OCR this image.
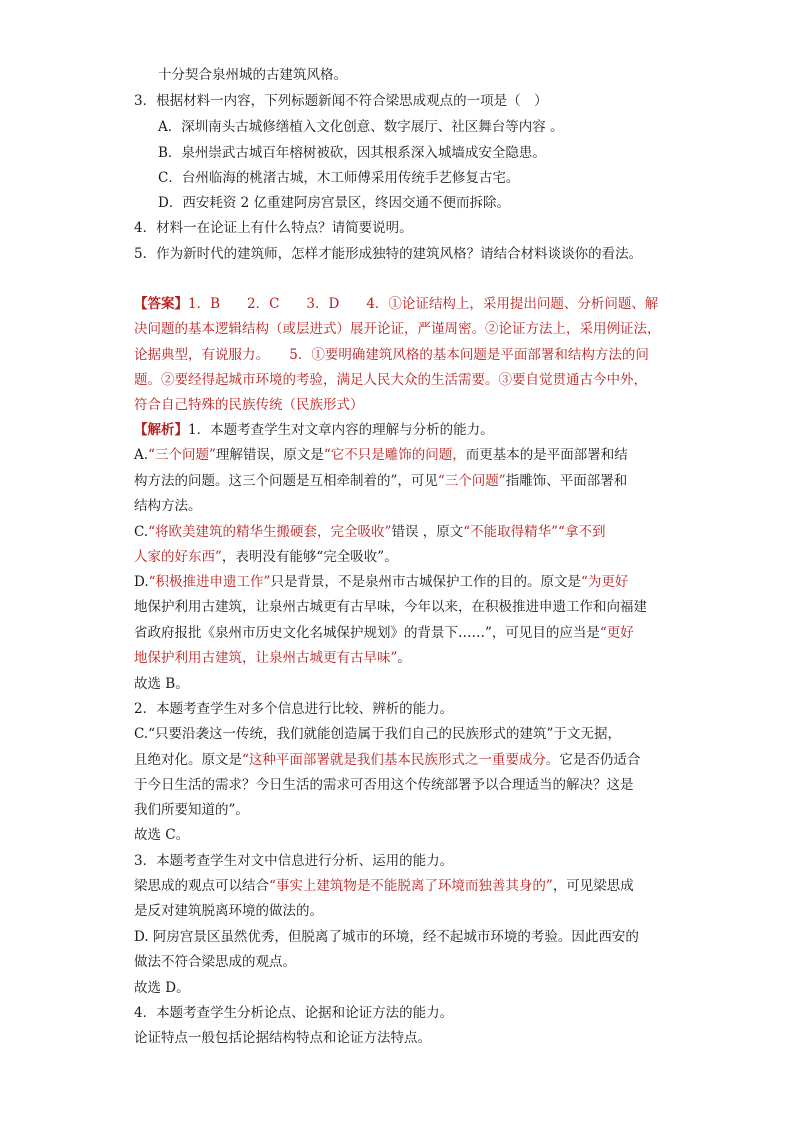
十分契合泉州城的古建筑风格。
3．根据材料一内容，下列标题新闻不符合梁思成观点的一项是（　）
A．深圳南头古城修缮植入文化创意、数字展厅、社区舞台等内容 。
B．泉州崇武古城百年榕树被砍，因其根系深入城墙成安全隐患。
C．台州临海的桃渚古城，木工师傅采用传统手艺修复古宅。
D．西安耗资 2 亿重建阿房宫景区，终因交通不便而拆除。
4．材料一在论证上有什么特点？请简要说明。
5．作为新时代的建筑师，怎样才能形成独特的建筑风格？请结合材料谈谈你的看法。
【答案】1．B　　2．C　　3．D　　4．①论证结构上，采用提出问题、分析问题、解
决问题的基本逻辑结构（或层进式）展开论证，严谨周密。②论证方法上，采用例证法，
论据典型，有说服力。　　5．①要明确建筑风格的基本问题是平面部署和结构方法的问
题。②要经得起城市环境的考验，满足人民大众的生活需要。③要自觉贯通古今中外，
符合自己特殊的民族传统（民族形式）
【解析】1．本题考查学生对文章内容的理解与分析的能力。
A.“三个问题”理解错误，原文是“它不只是雕饰的问题，而更基本的是平面部署和结
构方法的问题。这三个问题是互相牵制着的”，可见“三个问题”指雕饰、平面部署和
结构方法。
C.“将欧美建筑的精华生搬硬套，完全吸收”错误 ，原文“不能取得精华”“拿不到
人家的好东西”，表明没有能够“完全吸收”。
D.“积极推进申遗工作”只是背景，不是泉州市古城保护工作的目的。原文是“为更好
地保护利用古建筑，让泉州古城更有古早味，今年以来，在积极推进申遗工作和向福建
省政府报批《泉州市历史文化名城保护规划》的背景下……”，可见目的应当是“更好
地保护利用古建筑，让泉州古城更有古早味”。
故选 B。
2．本题考查学生对多个信息进行比较、辨析的能力。
C.“只要沿袭这一传统，我们就能创造属于我们自己的民族形式的建筑”于文无据，
且绝对化。原文是“这种平面部署就是我们基本民族形式之一重要成分。它是否仍适合
于今日生活的需求？今日生活的需求可否用这个传统部署予以合理适当的解决？这是
我们所要知道的”。
故选 C。
3．本题考查学生对文中信息进行分析、运用的能力。
梁思成的观点可以结合“事实上建筑物是不能脱离了环境而独善其身的”，可见梁思成
是反对建筑脱离环境的做法的。
D. 阿房宫景区虽然优秀，但脱离了城市的环境，经不起城市环境的考验。因此西安的
做法不符合梁思成的观点。
故选 D。
4．本题考查学生分析论点、论据和论证方法的能力。
论证特点一般包括论据结构特点和论证方法特点。
